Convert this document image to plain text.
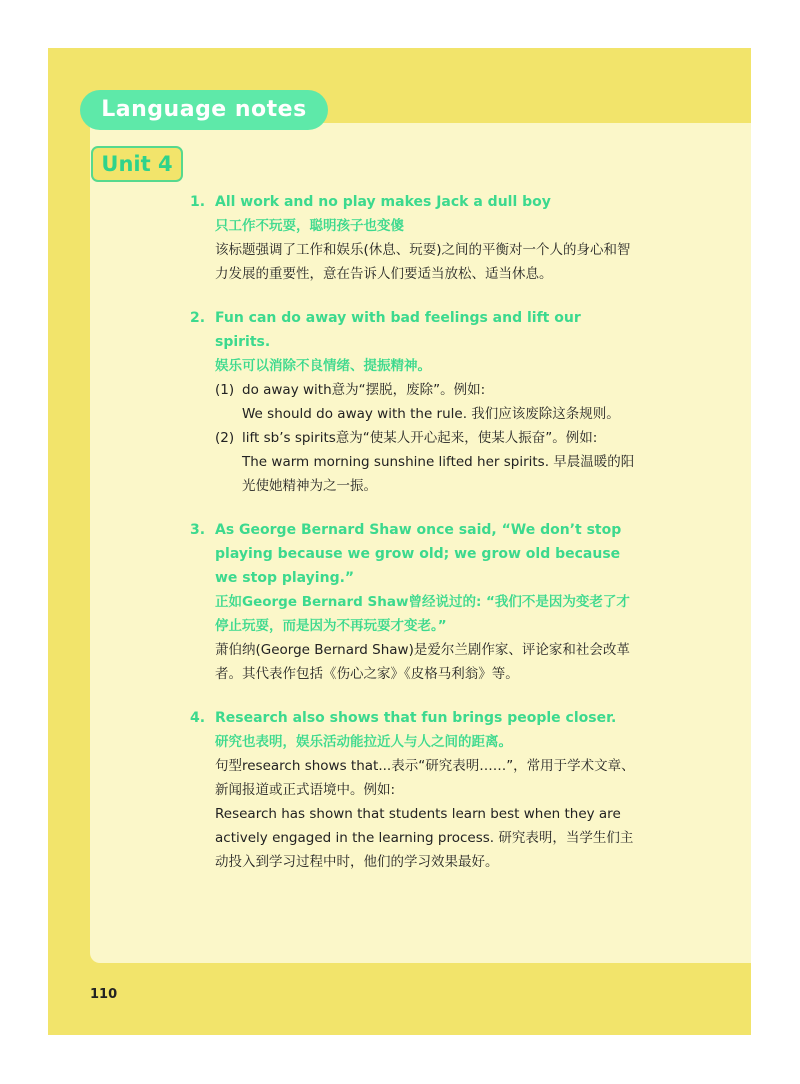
Language notes
Unit 4
1. All work and no play makes Jack a dull boy
只工作不玩耍，聪明孩子也变傻
该标题强调了工作和娱乐(休息、玩耍)之间的平衡对一个人的身心和智力发展的重要性，意在告诉人们要适当放松、适当休息。
2. Fun can do away with bad feelings and lift our spirits.
娱乐可以消除不良情绪、提振精神。
(1) do away with意为“摆脱，废除”。例如:
We should do away with the rule. 我们应该废除这条规则。
(2) lift sb’s spirits意为“使某人开心起来，使某人振奋”。例如:
The warm morning sunshine lifted her spirits. 早晨温暖的阳光使她精神为之一振。
3. As George Bernard Shaw once said, “We don’t stop playing because we grow old; we grow old because we stop playing.”
正如George Bernard Shaw曾经说过的: “我们不是因为变老了才停止玩耍，而是因为不再玩耍才变老。”
萧伯纳(George Bernard Shaw)是爱尔兰剧作家、评论家和社会改革者。其代表作包括《伤心之家》《皮格马利翁》等。
4. Research also shows that fun brings people closer.
研究也表明，娱乐活动能拉近人与人之间的距离。
句型research shows that...表示“研究表明……”，常用于学术文章、新闻报道或正式语境中。例如:
Research has shown that students learn best when they are actively engaged in the learning process. 研究表明，当学生们主动投入到学习过程中时，他们的学习效果最好。
110
